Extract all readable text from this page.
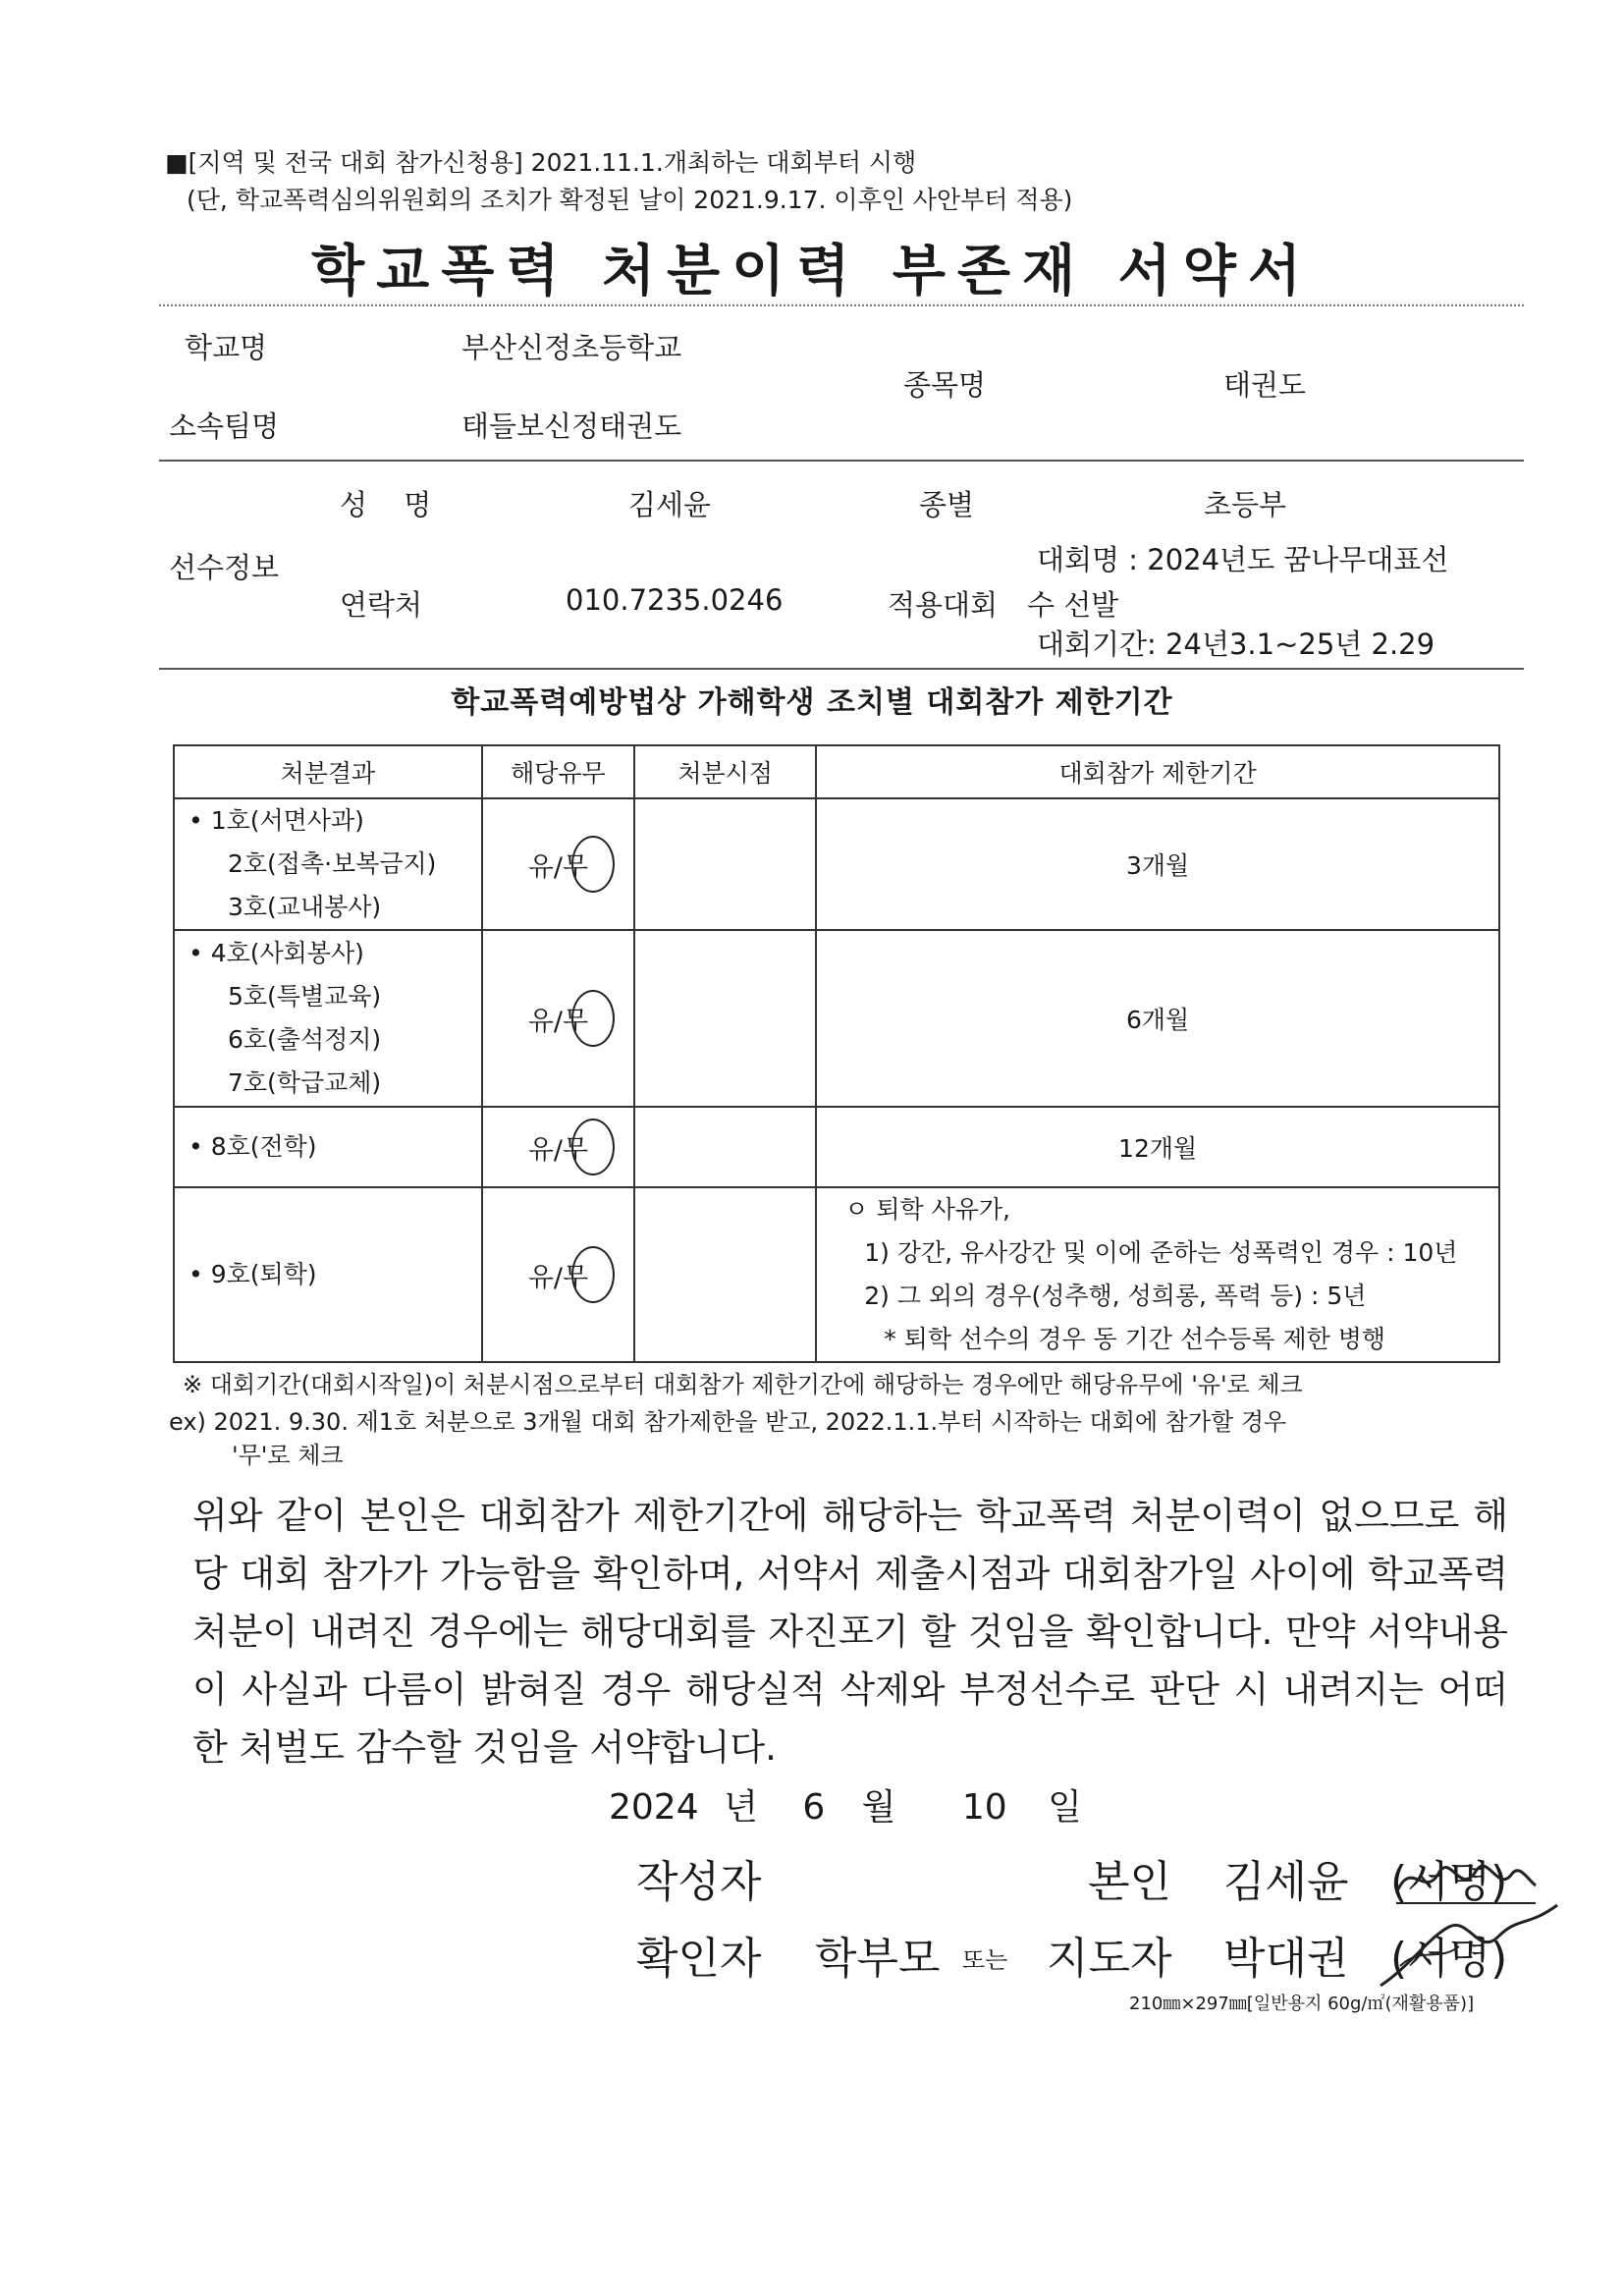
■[지역 및 전국 대회 참가신청용] 2021.11.1.개최하는 대회부터 시행
(단, 학교폭력심의위원회의 조치가 확정된 날이 2021.9.17. 이후인 사안부터 적용)
학교폭력 처분이력 부존재 서약서
학교명	부산신정초등학교
종목명	태권도
소속팀명	태들보신정태권도
성 명	김세윤	종별	초등부
선수정보	대회명 : 2024년도 꿈나무대표선
연락처	010.7235.0246	적용대회 수 선발
대회기간: 24년3.1~25년 2.29
학교폭력예방법상 가해학생 조치별 대회참가 제한기간
처분결과	해당유무	처분시점	대회참가 제한기간

• 1호(서면사과)
2호(접촉·보복금지)
3호(교내봉사)	유/무		3개월

• 4호(사회봉사)
5호(특별교육)
6호(출석정지)
7호(학급교체)	유/무		6개월

• 8호(전학)	유/무		12개월

• 9호(퇴학)	유/무		ㅇ 퇴학 사유가,
1) 강간, 유사강간 및 이에 준하는 성폭력인 경우 : 10년
2) 그 외의 경우(성추행, 성희롱, 폭력 등) : 5년
* 퇴학 선수의 경우 동 기간 선수등록 제한 병행
※ 대회기간(대회시작일)이 처분시점으로부터 대회참가 제한기간에 해당하는 경우에만 해당유무에 '유'로 체크
ex) 2021. 9.30. 제1호 처분으로 3개월 대회 참가제한을 받고, 2022.1.1.부터 시작하는 대회에 참가할 경우
'무'로 체크
위와 같이 본인은 대회참가 제한기간에 해당하는 학교폭력 처분이력이 없으므로 해당 대회 참가가 가능함을 확인하며, 서약서 제출시점과 대회참가일 사이에 학교폭력 처분이 내려진 경우에는 해당대회를 자진포기 할 것임을 확인합니다. 만약 서약내용이 사실과 다름이 밝혀질 경우 해당실적 삭제와 부정선수로 판단 시 내려지는 어떠한 처벌도 감수할 것임을 서약합니다.
2024 년 6 월 10 일
작성자	본인 김세윤 (서명)
확인자 학부모 또는 지도자 박대권 (서명)
210㎜×297㎜[일반용지 60g/㎡(재활용품)]
